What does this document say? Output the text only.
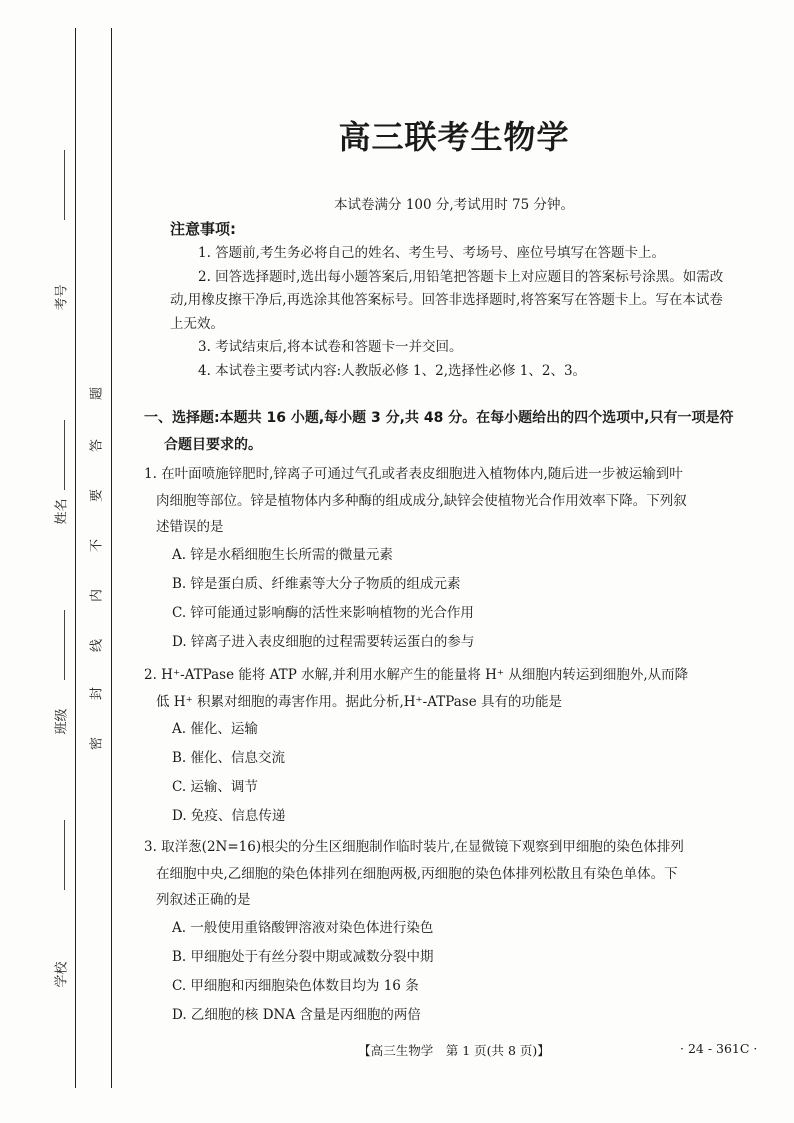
考号
姓名
班级
学校
题
答
要
不
内
线
封
密
高三联考生物学
本试卷满分 100 分,考试用时 75 分钟。
注意事项:

1. 答题前,考生务必将自己的姓名、考生号、考场号、座位号填写在答题卡上。

2. 回答选择题时,选出每小题答案后,用铅笔把答题卡上对应题目的答案标号涂黑。如需改动,用橡皮擦干净后,再选涂其他答案标号。回答非选择题时,将答案写在答题卡上。写在本试卷上无效。

3. 考试结束后,将本试卷和答题卡一并交回。

4. 本试卷主要考试内容:人教版必修 1、2,选择性必修 1、2、3。

一、选择题:本题共 16 小题,每小题 3 分,共 48 分。在每小题给出的四个选项中,只有一项是符
合题目要求的。
1. 在叶面喷施锌肥时,锌离子可通过气孔或者表皮细胞进入植物体内,随后进一步被运输到叶
肉细胞等部位。锌是植物体内多种酶的组成成分,缺锌会使植物光合作用效率下降。下列叙
述错误的是
A. 锌是水稻细胞生长所需的微量元素
B. 锌是蛋白质、纤维素等大分子物质的组成元素
C. 锌可能通过影响酶的活性来影响植物的光合作用
D. 锌离子进入表皮细胞的过程需要转运蛋白的参与
2. H⁺-ATPase 能将 ATP 水解,并利用水解产生的能量将 H⁺ 从细胞内转运到细胞外,从而降
低 H⁺ 积累对细胞的毒害作用。据此分析,H⁺-ATPase 具有的功能是
A. 催化、运输
B. 催化、信息交流
C. 运输、调节
D. 免疫、信息传递
3. 取洋葱(2N=16)根尖的分生区细胞制作临时装片,在显微镜下观察到甲细胞的染色体排列
在细胞中央,乙细胞的染色体排列在细胞两极,丙细胞的染色体排列松散且有染色单体。下
列叙述正确的是
A. 一般使用重铬酸钾溶液对染色体进行染色
B. 甲细胞处于有丝分裂中期或减数分裂中期
C. 甲细胞和丙细胞染色体数目均为 16 条
D. 乙细胞的核 DNA 含量是丙细胞的两倍
【高三生物学　第 1 页(共 8 页)】	· 24 - 361C ·
